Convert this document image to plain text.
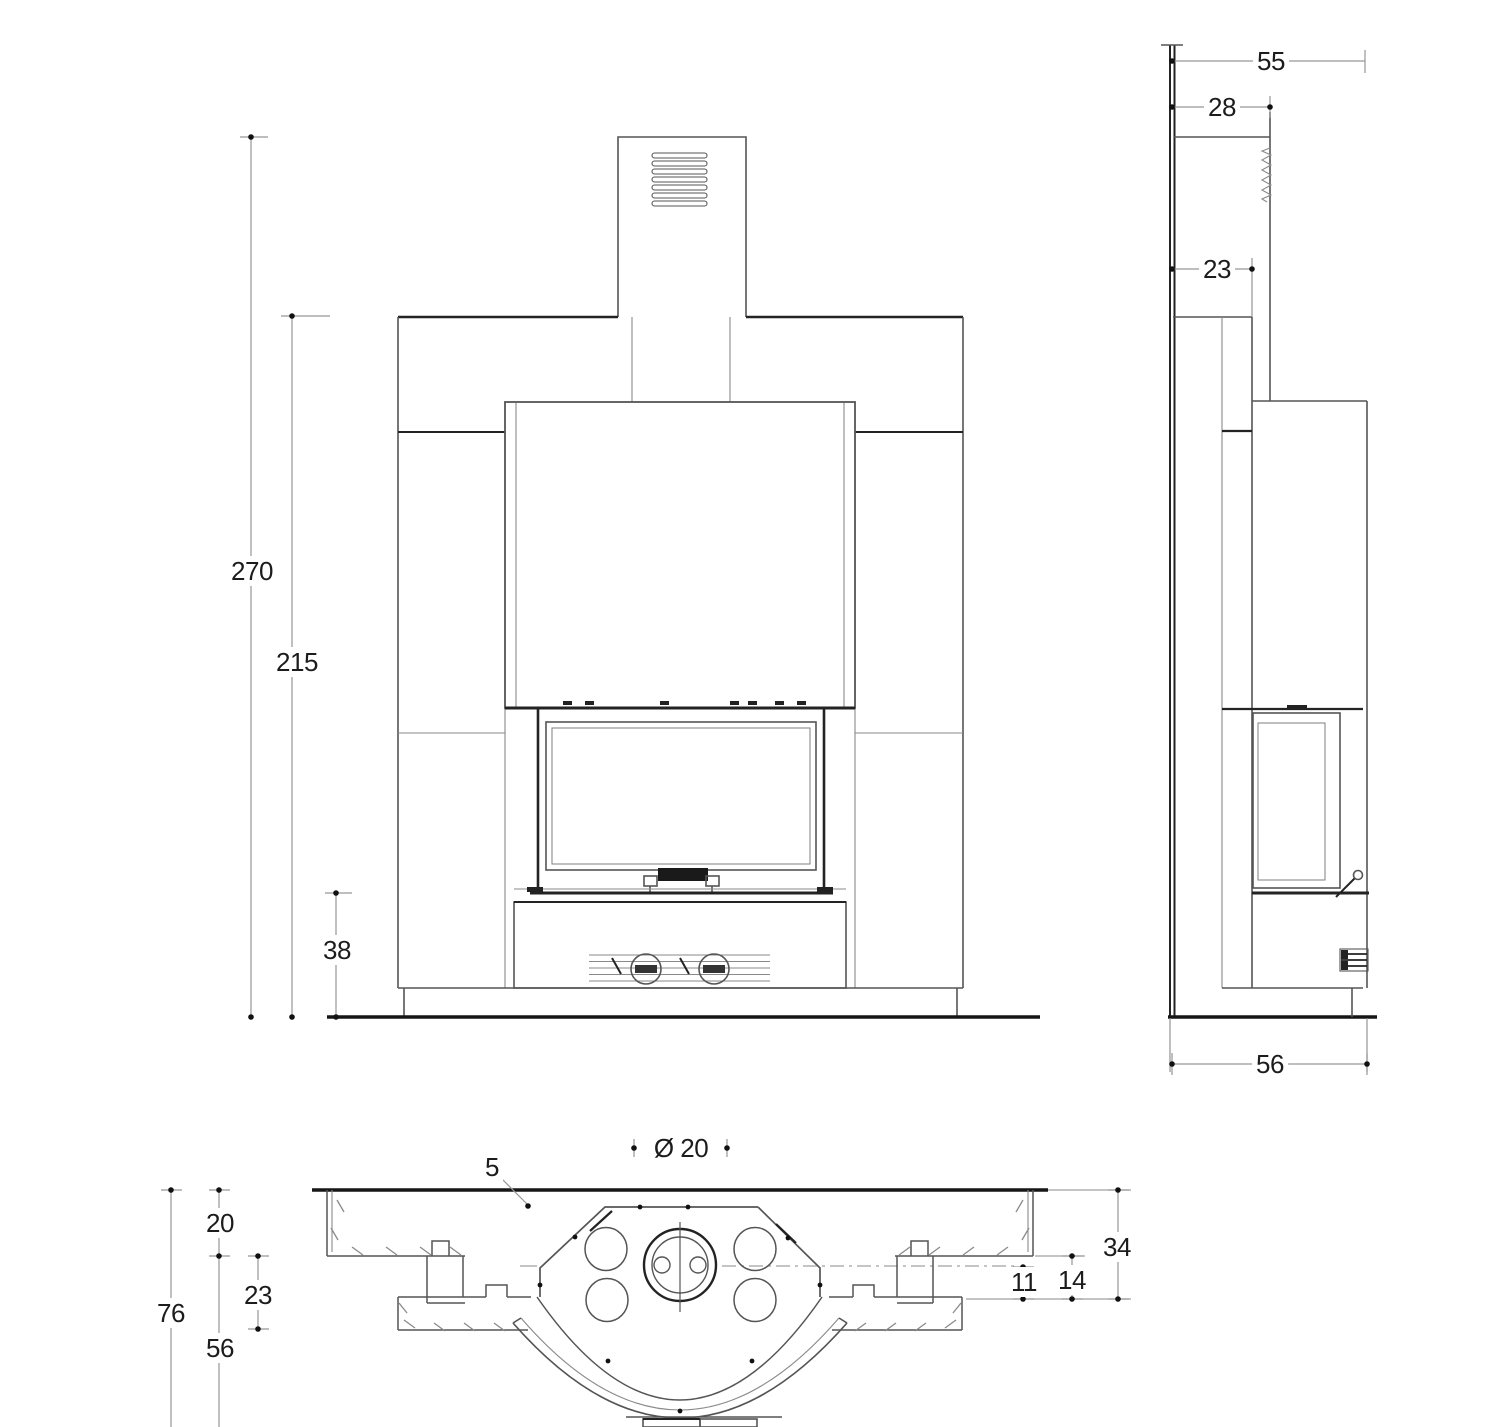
270
215
38
55
28
23
56
Ø 20
5
20
23
76
56
34
14
11
